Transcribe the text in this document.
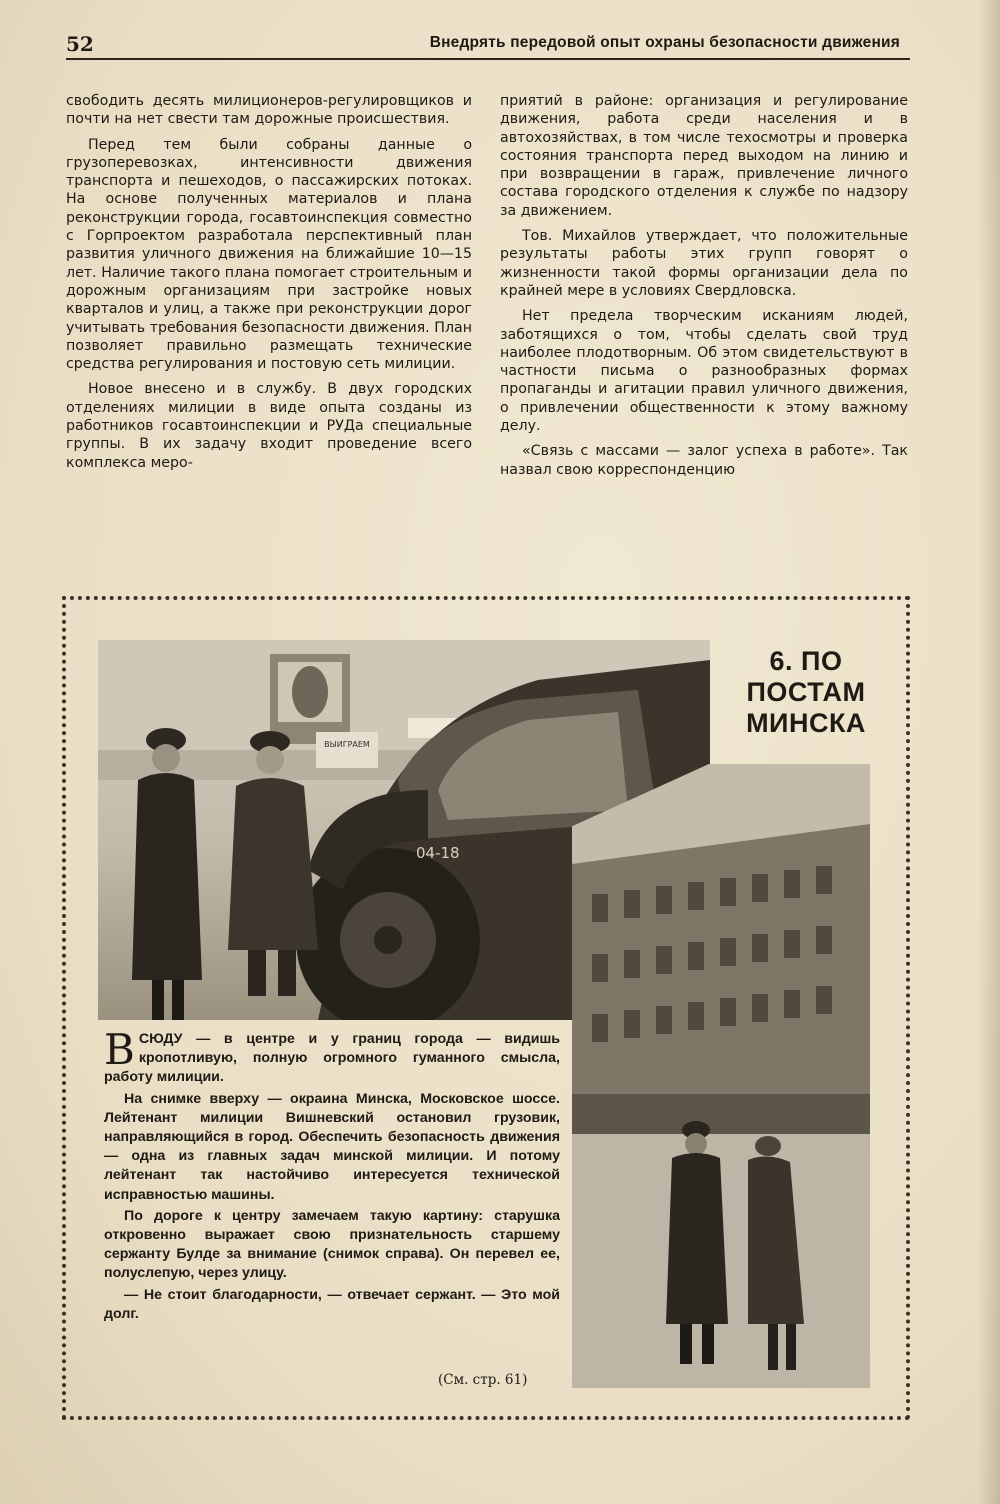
52	Внедрять передовой опыт охраны безопасности движения

свободить десять милиционеров-регулировщиков и почти на нет свести там дорожные происшествия.

Перед тем были собраны данные о грузоперевозках, интенсивности движения транспорта и пешеходов, о пассажирских потоках. На основе полученных материалов и плана реконструкции города, госавтоинспекция совместно с Горпроектом разработала перспективный план развития уличного движения на ближайшие 10—15 лет. Наличие такого плана помогает строительным и дорожным организациям при застройке новых кварталов и улиц, а также при реконструкции дорог учитывать требования безопасности движения. План позволяет правильно размещать технические средства регулирования и постовую сеть милиции.

Новое внесено и в службу. В двух городских отделениях милиции в виде опыта созданы из работников госавтоинспекции и РУДа специальные группы. В их задачу входит проведение всего комплекса меро-

приятий в районе: организация и регулирование движения, работа среди населения и в автохозяйствах, в том числе техосмотры и проверка состояния транспорта перед выходом на линию и при возвращении в гараж, привлечение личного состава городского отделения к службе по надзору за движением.

Тов. Михайлов утверждает, что положительные результаты работы этих групп говорят о жизненности такой формы организации дела по крайней мере в условиях Свердловска.

Нет предела творческим исканиям людей, заботящихся о том, чтобы сделать свой труд наиболее плодотворным. Об этом свидетельствуют в частности письма о разнообразных формах пропаганды и агитации правил уличного движения, о привлечении общественности к этому важному делу.

«Связь с массами — залог успеха в работе». Так назвал свою корреспонденцию

ВЫИГРАЕМ
04-18
6. ПО
ПОСТАМ
МИНСКА

ВСЮДУ — в центре и у границ города — видишь кропотливую, полную огромного гуманного смысла, работу милиции.

На снимке вверху — окраина Минска, Московское шоссе. Лейтенант милиции Вишневский остановил грузовик, направляющийся в город. Обеспечить безопасность движения — одна из главных задач минской милиции. И потому лейтенант так настойчиво интересуется технической исправностью машины.

По дороге к центру замечаем такую картину: старушка откровенно выражает свою признательность старшему сержанту Булде за внимание (снимок справа). Он перевел ее, полуслепую, через улицу.

— Не стоит благодарности, — отвечает сержант. — Это мой долг.

(См. стр. 61)
